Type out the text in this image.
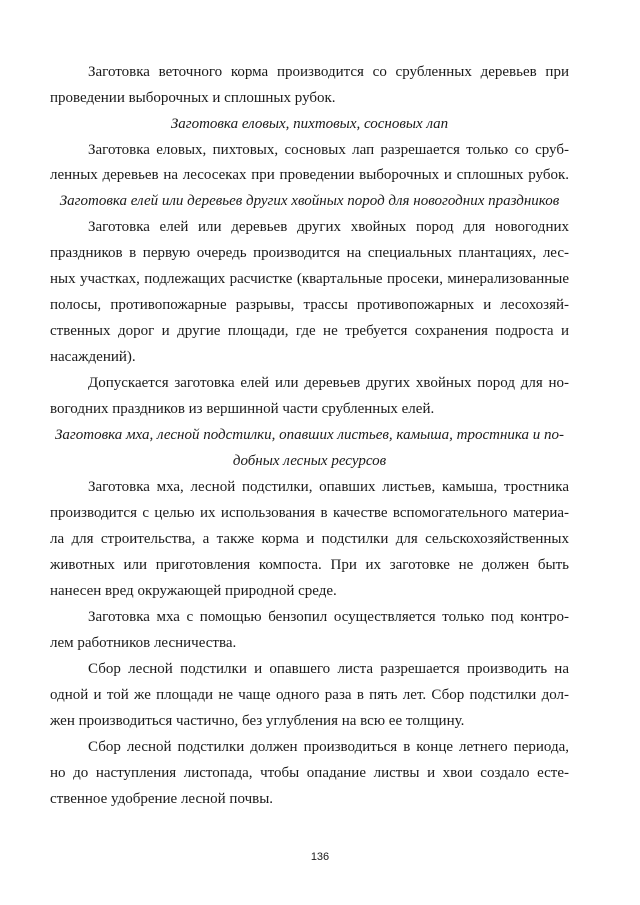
Заготовка веточного корма производится со срубленных деревьев при
проведении выборочных и сплошных рубок.
Заготовка еловых, пихтовых, сосновых лап
Заготовка еловых, пихтовых, сосновых лап разрешается только со сруб-
ленных деревьев на лесосеках при проведении выборочных и сплошных рубок.
Заготовка елей или деревьев других хвойных пород для новогодних праздников
Заготовка елей или деревьев других хвойных пород для новогодних
праздников в первую очередь производится на специальных плантациях, лес-
ных участках, подлежащих расчистке (квартальные просеки, минерализованные
полосы, противопожарные разрывы, трассы противопожарных и лесохозяй-
ственных дорог и другие площади, где не требуется сохранения подроста и
насаждений).
Допускается заготовка елей или деревьев других хвойных пород для но-
вогодних праздников из вершинной части срубленных елей.
Заготовка мха, лесной подстилки, опавших листьев, камыша, тростника и по-
добных лесных ресурсов
Заготовка мха, лесной подстилки, опавших листьев, камыша, тростника
производится с целью их использования в качестве вспомогательного материа-
ла для строительства, а также корма и подстилки для сельскохозяйственных
животных или приготовления компоста. При их заготовке не должен быть
нанесен вред окружающей природной среде.
Заготовка мха с помощью бензопил осуществляется только под контро-
лем работников лесничества.
Сбор лесной подстилки и опавшего листа разрешается производить на
одной и той же площади не чаще одного раза в пять лет. Сбор подстилки дол-
жен производиться частично, без углубления на всю ее толщину.
Сбор лесной подстилки должен производиться в конце летнего периода,
но до наступления листопада, чтобы опадание листвы и хвои создало есте-
ственное удобрение лесной почвы.
136
